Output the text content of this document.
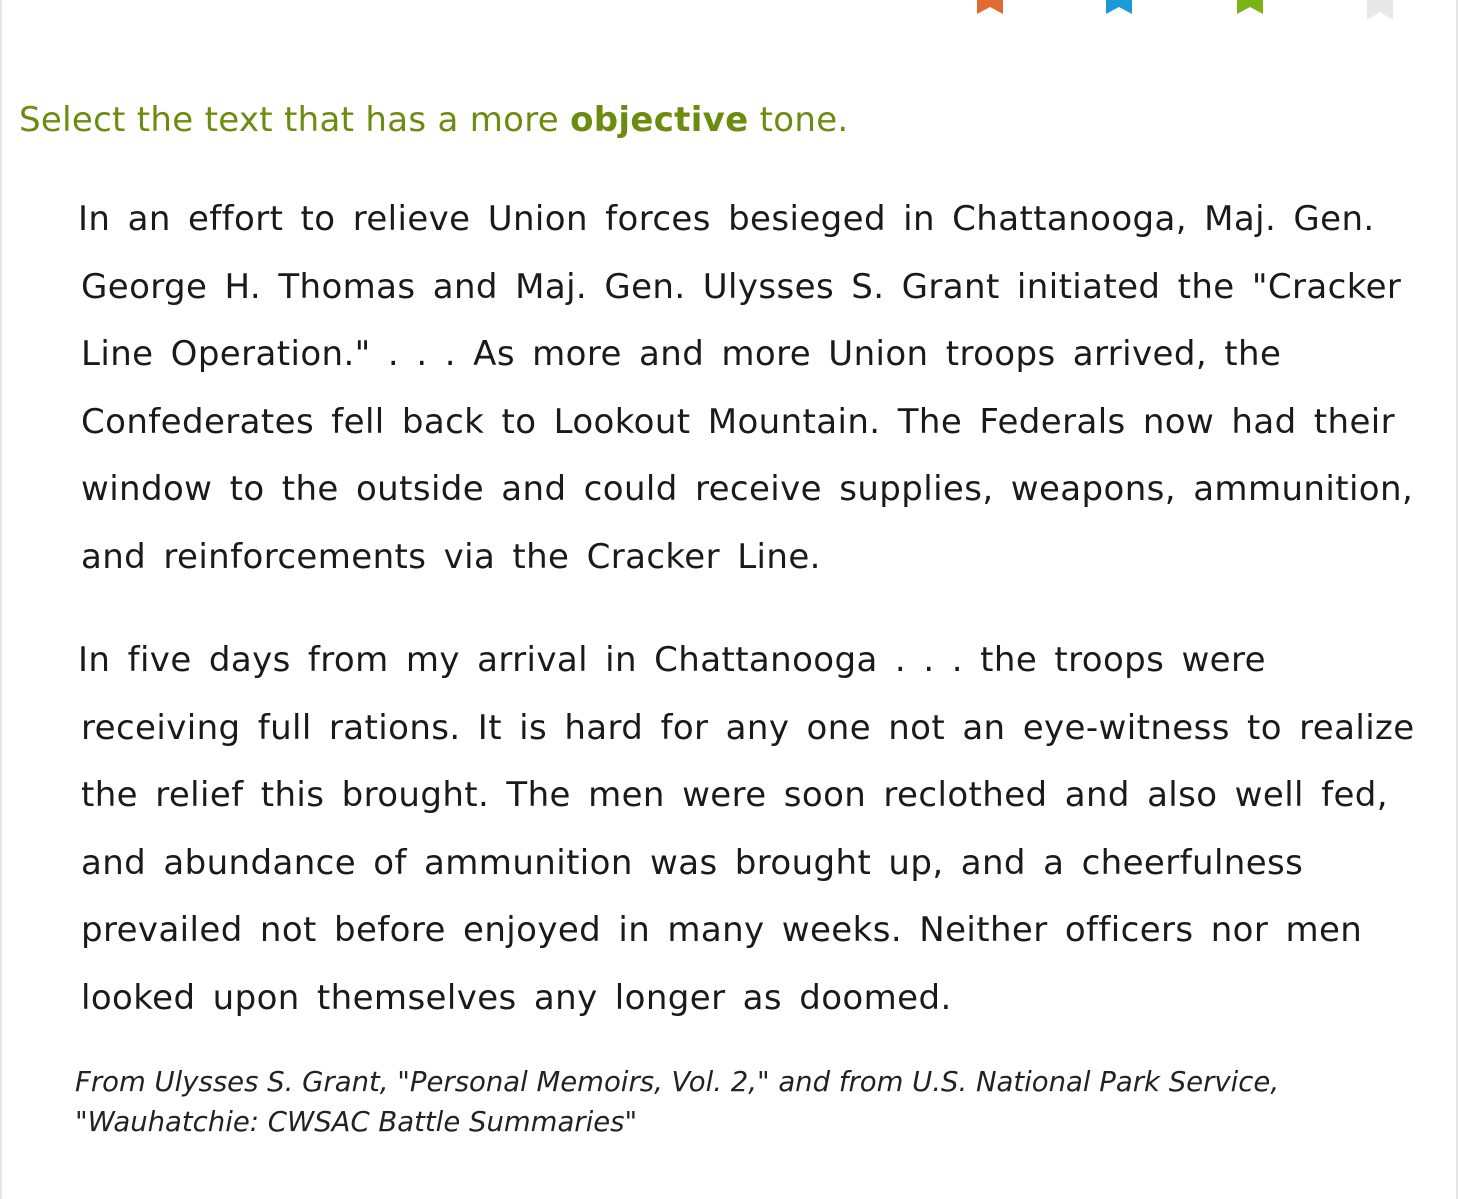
Select the text that has a more objective tone.

In an effort to relieve Union forces besieged in Chattanooga, Maj. Gen. George H. Thomas and Maj. Gen. Ulysses S. Grant initiated the "Cracker Line Operation." . . . As more and more Union troops arrived, the Confederates fell back to Lookout Mountain. The Federals now had their window to the outside and could receive supplies, weapons, ammunition, and reinforcements via the Cracker Line.

In five days from my arrival in Chattanooga . . . the troops were receiving full rations. It is hard for any one not an eye-witness to realize the relief this brought. The men were soon reclothed and also well fed, and abundance of ammunition was brought up, and a cheerfulness prevailed not before enjoyed in many weeks. Neither officers nor men looked upon themselves any longer as doomed.

From Ulysses S. Grant, "Personal Memoirs, Vol. 2," and from U.S. National Park Service, "Wauhatchie: CWSAC Battle Summaries"
